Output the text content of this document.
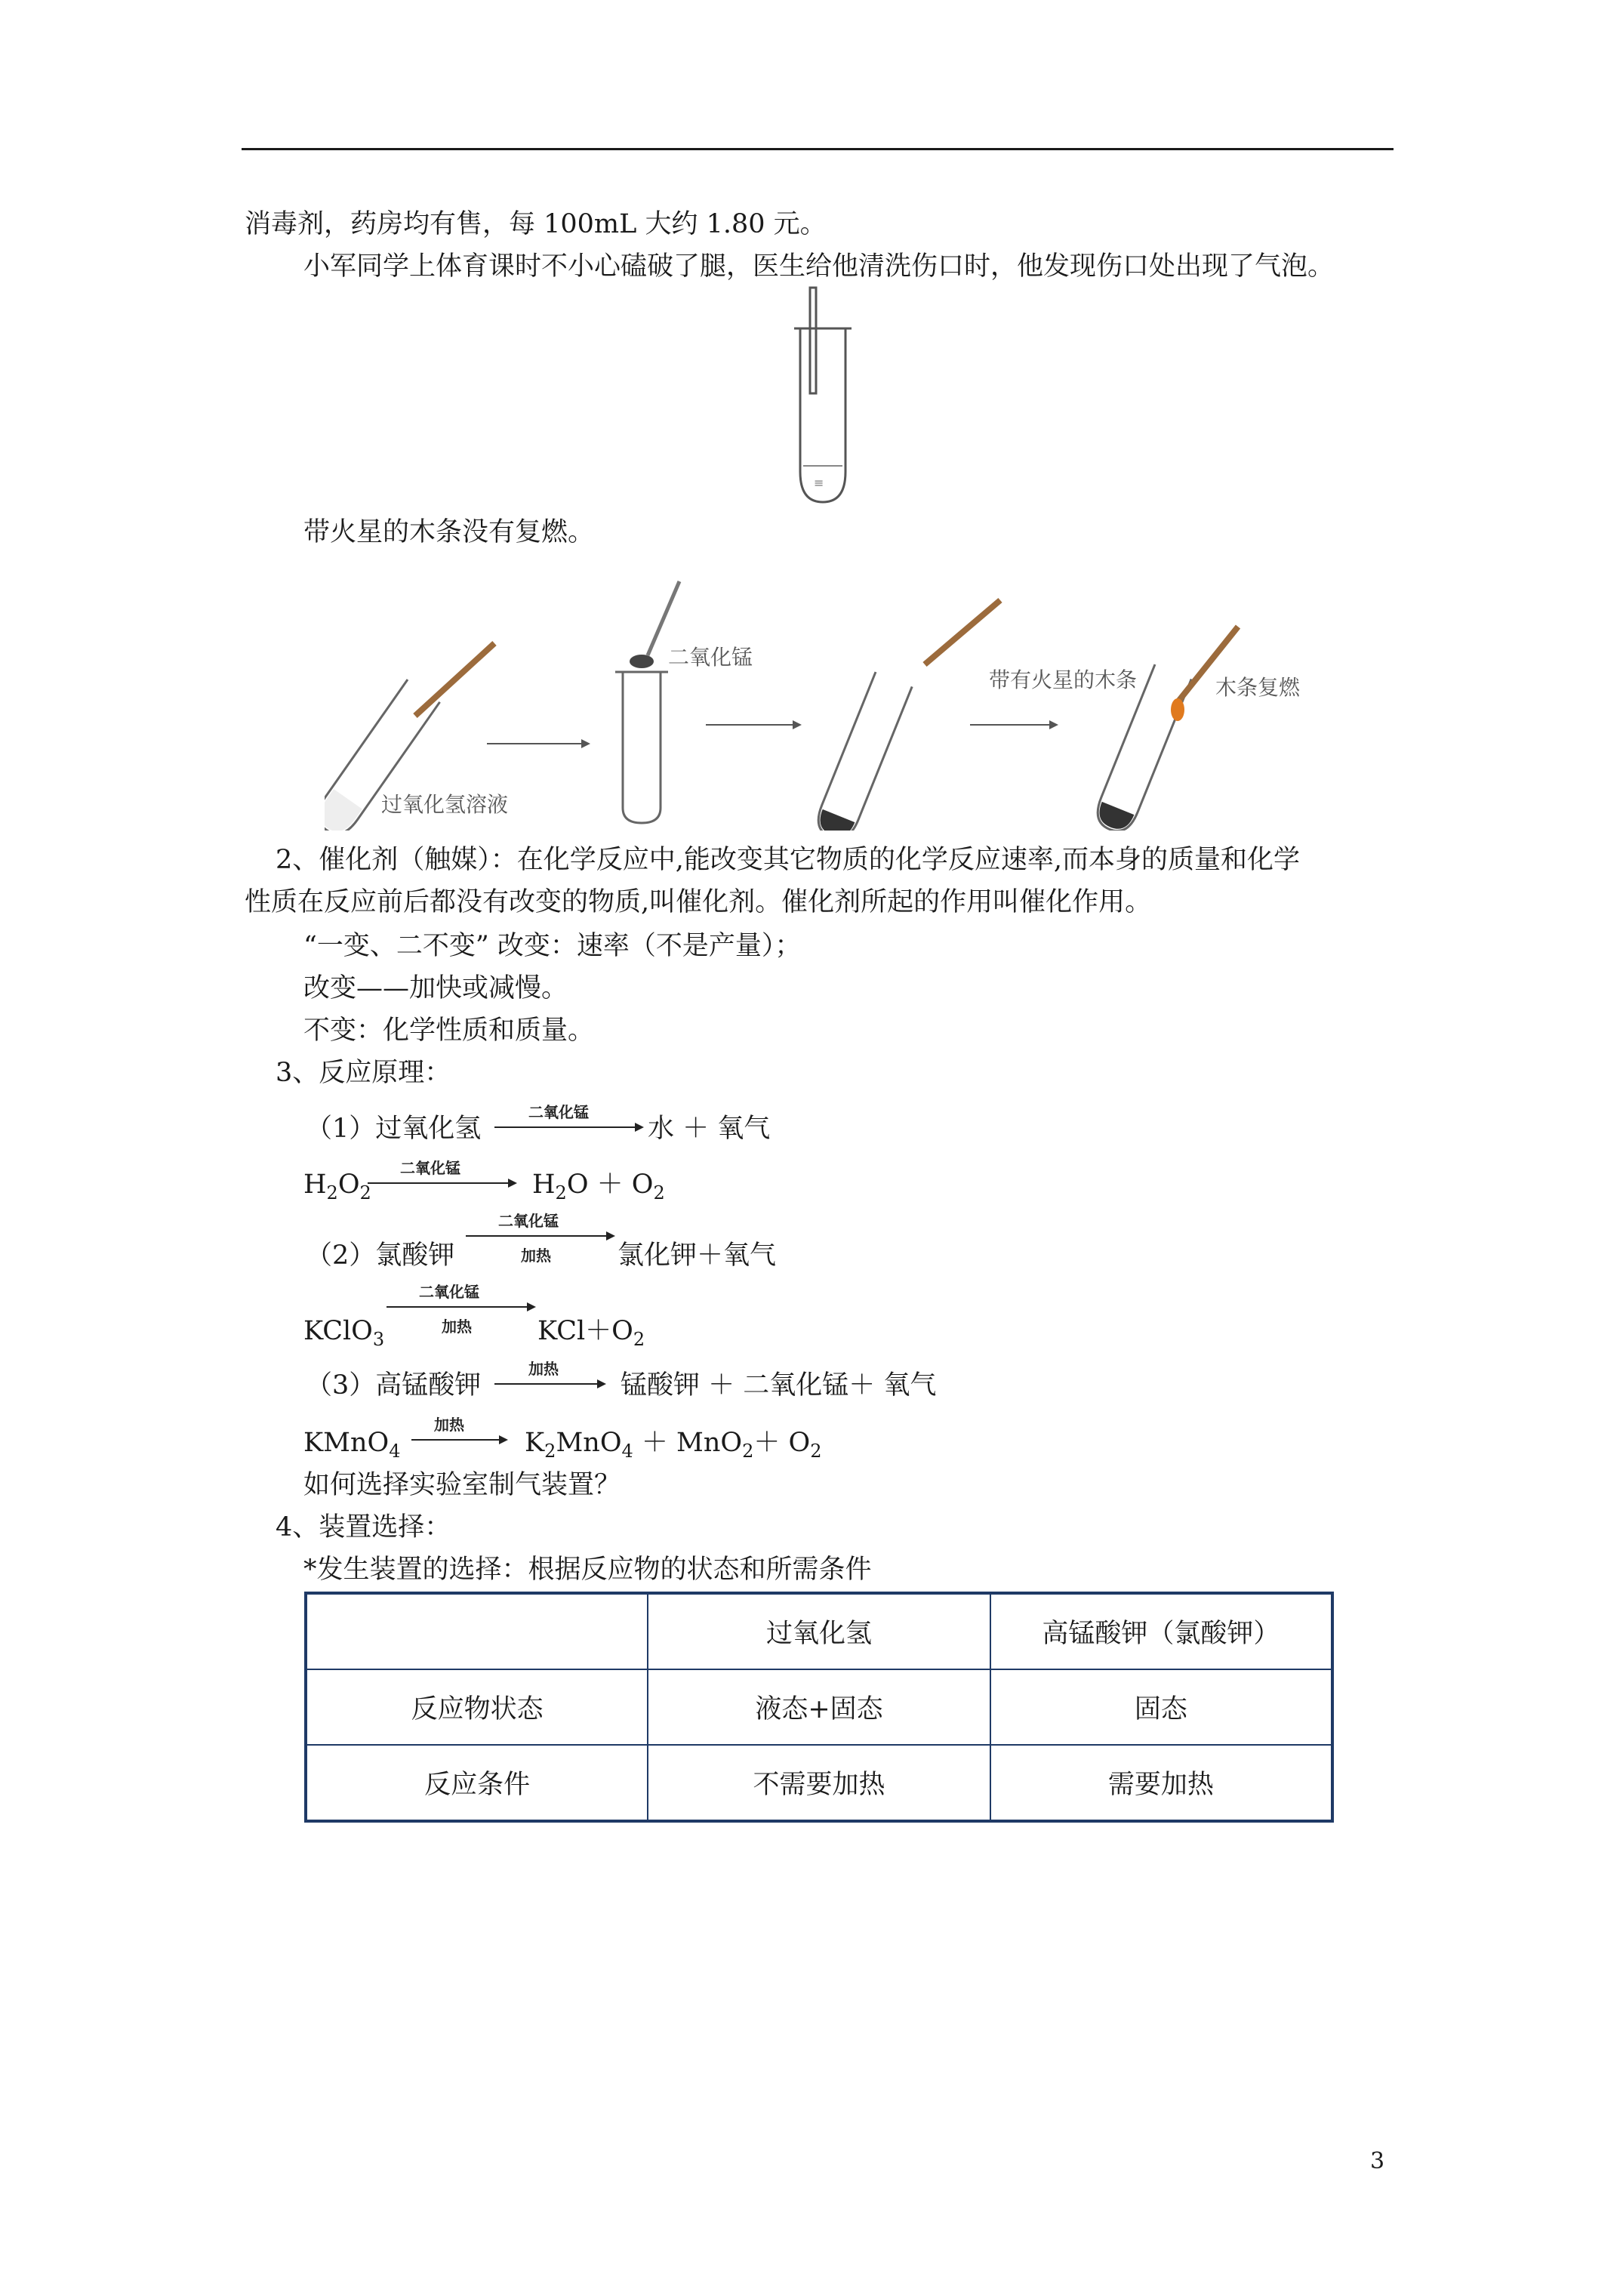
消毒剂，药房均有售，每 100mL 大约 1.80 元。
小军同学上体育课时不小心磕破了腿，医生给他清洗伤口时，他发现伤口处出现了气泡。
≡
带火星的木条没有复燃。
过氧化氢溶液
二氧化锰
带有火星的木条	木条复燃
2、催化剂（触媒）：在化学反应中,能改变其它物质的化学反应速率,而本身的质量和化学
性质在反应前后都没有改变的物质,叫催化剂。催化剂所起的作用叫催化作用。
“一变、二不变” 改变：速率（不是产量）；
改变——加快或减慢。
不变：化学性质和质量。
3、反应原理：
（1）过氧化氢
二氧化锰
水 ＋ 氧气
$H_2O_2$
二氧化锰
$H_2O + O_2$
二氧化锰
加热
（2）氯酸钾	氯化钾＋氧气
二氧化锰
加热
KClO$_3$	$KCl+O_2$
（3）高锰酸钾
加热
锰酸钾 ＋ 二氧化锰＋ 氧气
KMnO$_4$
加热
$K_2MnO_4 + MnO_2+ O_2$
如何选择实验室制气装置？
4、装置选择：
*发生装置的选择：根据反应物的状态和所需条件
	过氧化氢	高锰酸钾（氯酸钾）
反应物状态	液态+固态	固态
反应条件	不需要加热	需要加热
3
